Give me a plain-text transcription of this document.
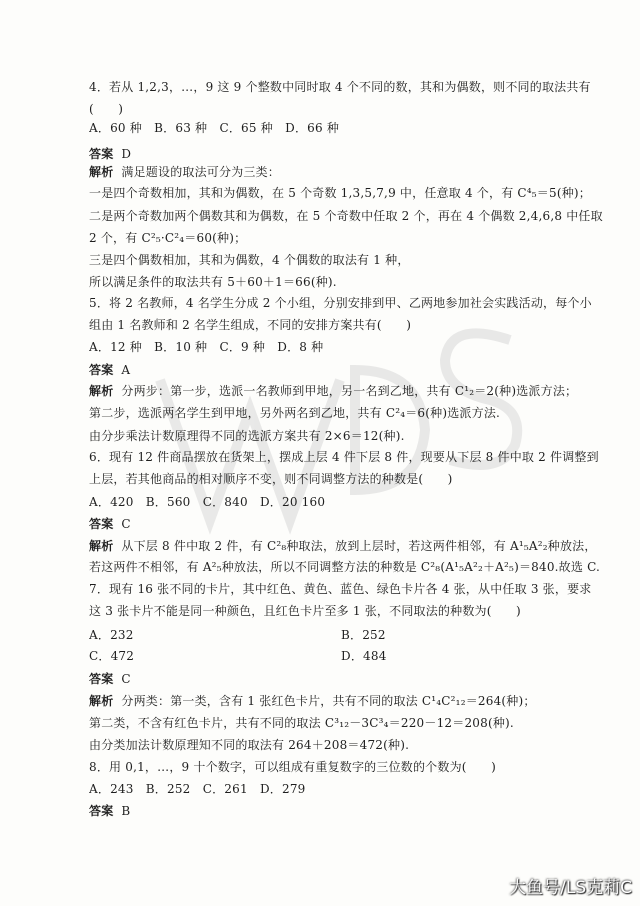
4．若从 1,2,3，…，9 这 9 个整数中同时取 4 个不同的数，其和为偶数，则不同的取法共有
(　　)
A．60 种　B．63 种　C．65 种　D．66 种
答案 D
解析 满足题设的取法可分为三类：
一是四个奇数相加，其和为偶数，在 5 个奇数 1,3,5,7,9 中，任意取 4 个，有 C⁴₅＝5(种)；
二是两个奇数加两个偶数其和为偶数，在 5 个奇数中任取 2 个，再在 4 个偶数 2,4,6,8 中任取
2 个，有 C²₅·C²₄＝60(种)；
三是四个偶数相加，其和为偶数，4 个偶数的取法有 1 种，
所以满足条件的取法共有 5＋60＋1＝66(种).
5．将 2 名教师，4 名学生分成 2 个小组，分别安排到甲、乙两地参加社会实践活动，每个小
组由 1 名教师和 2 名学生组成，不同的安排方案共有(　　)
A．12 种　B．10 种　C．9 种　D．8 种
答案 A
解析 分两步：第一步，选派一名教师到甲地，另一名到乙地，共有 C¹₂＝2(种)选派方法；
第二步，选派两名学生到甲地，另外两名到乙地，共有 C²₄＝6(种)选派方法.
由分步乘法计数原理得不同的选派方案共有 2×6＝12(种).
6．现有 12 件商品摆放在货架上，摆成上层 4 件下层 8 件，现要从下层 8 件中取 2 件调整到
上层，若其他商品的相对顺序不变，则不同调整方法的种数是(　　)
A．420　B．560　C．840　D．20 160
答案 C
解析 从下层 8 件中取 2 件，有 C²₈种取法，放到上层时，若这两件相邻，有 A¹₅A²₂种放法，
若这两件不相邻，有 A²₅种放法，所以不同调整方法的种数是 C²₈(A¹₅A²₂＋A²₅)＝840.故选 C.
7．现有 16 张不同的卡片，其中红色、黄色、蓝色、绿色卡片各 4 张，从中任取 3 张，要求
这 3 张卡片不能是同一种颜色，且红色卡片至多 1 张，不同取法的种数为(　　)
A．232	B．252
C．472	D．484
答案 C
解析 分两类：第一类，含有 1 张红色卡片，共有不同的取法 C¹₄C²₁₂＝264(种)；
第二类，不含有红色卡片，共有不同的取法 C³₁₂－3C³₄＝220－12＝208(种).
由分类加法计数原理知不同的取法有 264＋208＝472(种).
8．用 0,1，…，9 十个数字，可以组成有重复数字的三位数的个数为(　　)
A．243　B．252　C．261　D．279
答案 B
大鱼号/LS克莉C
